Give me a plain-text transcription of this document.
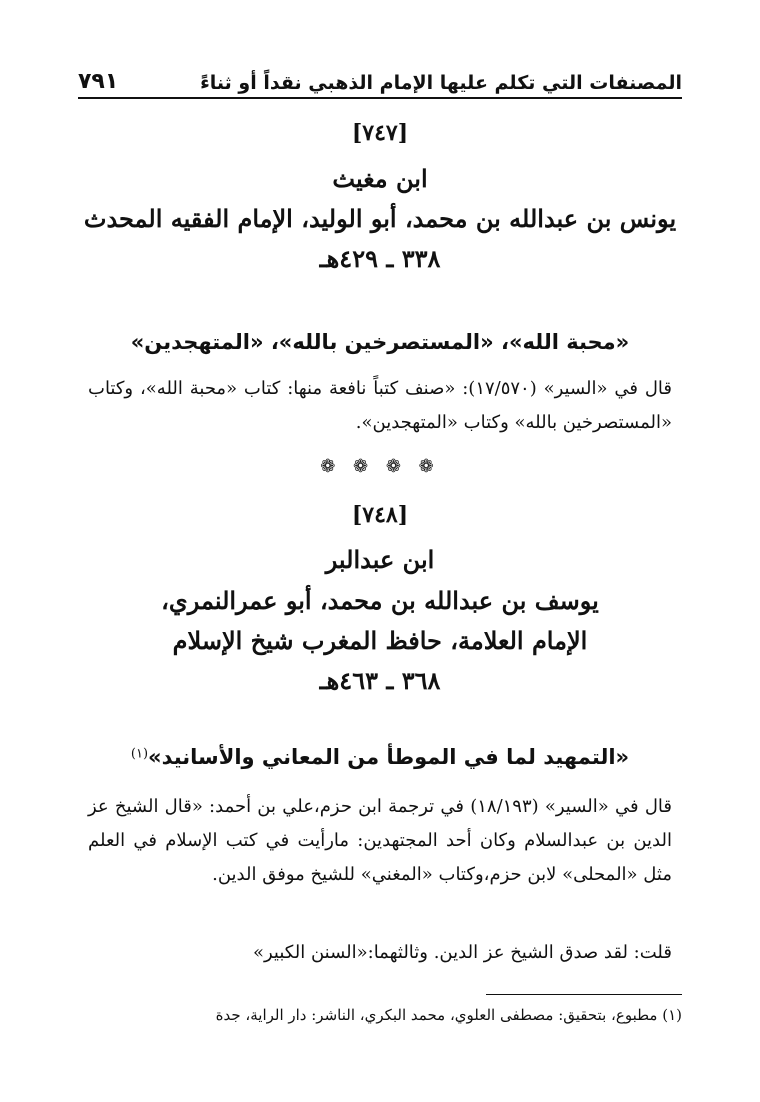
المصنفات التي تكلم عليها الإمام الذهبي نقداً أو ثناءً
٧٩١
[٧٤٧]
ابن مغيث
يونس بن عبدالله بن محمد، أبو الوليد، الإمام الفقيه المحدث
٣٣٨ ـ ٤٢٩هـ
«محبة الله»، «المستصرخين بالله»، «المتهجدين»
قال في «السير» (١٧/٥٧٠): «صنف كتباً نافعة منها: كتاب «محبة الله»، وكتاب «المستصرخين بالله» وكتاب «المتهجدين».
❁ ❁ ❁ ❁
[٧٤٨]
ابن عبدالبر
يوسف بن عبدالله بن محمد، أبو عمرالنمري،
الإمام العلامة، حافظ المغرب شيخ الإسلام
٣٦٨ ـ ٤٦٣هـ
«التمهيد لما في الموطأ من المعاني والأسانيد»$^{(١)}$
قال في «السير» (١٨/١٩٣) في ترجمة ابن حزم،علي بن أحمد: «قال الشيخ عز الدين بن عبدالسلام وكان أحد المجتهدين: مارأيت في كتب الإسلام في العلم مثل «المحلى» لابن حزم،وكتاب «المغني» للشيخ موفق الدين.
قلت: لقد صدق الشيخ عز الدين. وثالثهما:«السنن الكبير»
(١) مطبوع، بتحقيق: مصطفى العلوي، محمد البكري، الناشر: دار الراية، جدة
